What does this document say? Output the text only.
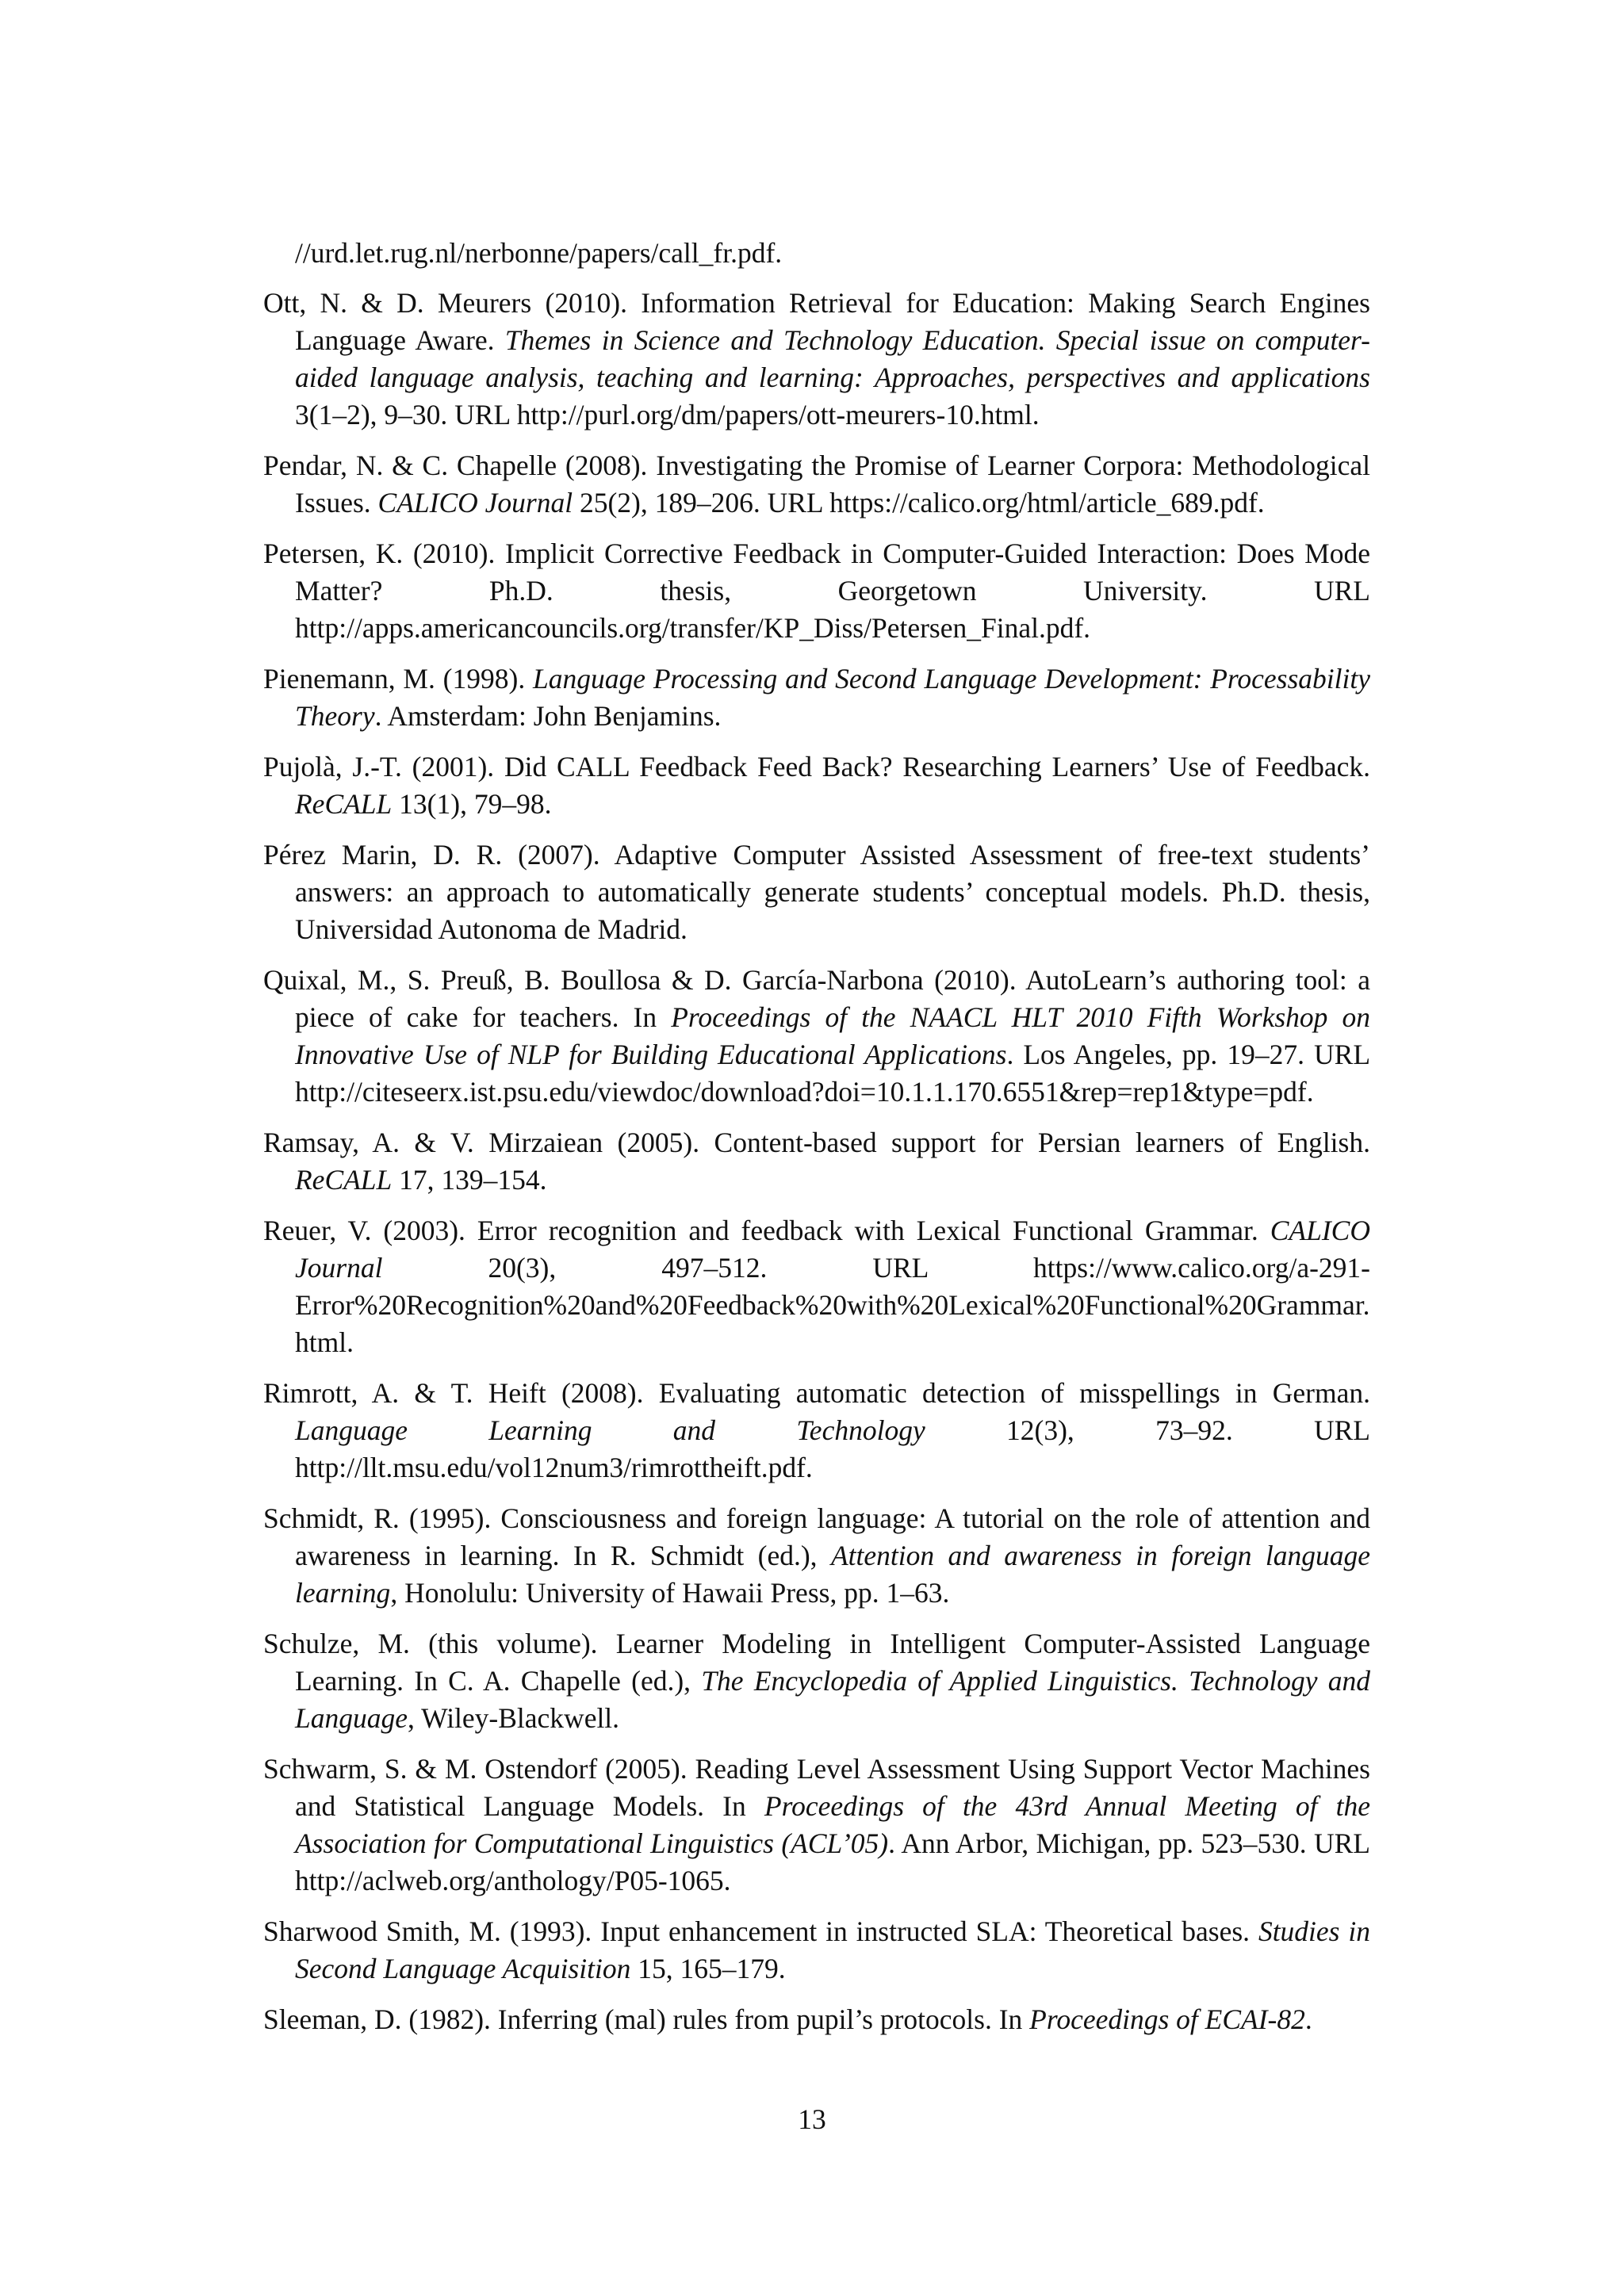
//urd.let.rug.nl/nerbonne/papers/call_fr.pdf.
Ott, N. & D. Meurers (2010). Information Retrieval for Education: Making Search Engines Language Aware. Themes in Science and Technology Education. Special issue on computer-aided language analysis, teaching and learning: Approaches, perspectives and applications 3(1–2), 9–30. URL http://purl.org/dm/papers/ott-meurers-10.html.
Pendar, N. & C. Chapelle (2008). Investigating the Promise of Learner Corpora: Methodological Issues. CALICO Journal 25(2), 189–206. URL https://calico.org/html/article_689.pdf.
Petersen, K. (2010). Implicit Corrective Feedback in Computer-Guided Interaction: Does Mode Matter? Ph.D. thesis, Georgetown University. URL http://apps.americancouncils.org/transfer/KP_Diss/Petersen_Final.pdf.
Pienemann, M. (1998). Language Processing and Second Language Development: Processability Theory. Amsterdam: John Benjamins.
Pujolà, J.-T. (2001). Did CALL Feedback Feed Back? Researching Learners’ Use of Feedback. ReCALL 13(1), 79–98.
Pérez Marin, D. R. (2007). Adaptive Computer Assisted Assessment of free-text students’ answers: an approach to automatically generate students’ conceptual models. Ph.D. thesis, Universidad Autonoma de Madrid.
Quixal, M., S. Preuß, B. Boullosa & D. García-Narbona (2010). AutoLearn’s authoring tool: a piece of cake for teachers. In Proceedings of the NAACL HLT 2010 Fifth Workshop on Innovative Use of NLP for Building Educational Applications. Los Angeles, pp. 19–27. URL http://citeseerx.ist.psu.edu/viewdoc/download?doi=10.1.1.170.6551&rep=rep1&type=pdf.
Ramsay, A. & V. Mirzaiean (2005). Content-based support for Persian learners of English. ReCALL 17, 139–154.
Reuer, V. (2003). Error recognition and feedback with Lexical Functional Grammar. CALICO Journal 20(3), 497–512. URL https://www.calico.org/a-291-Error%20Recognition%20and%20Feedback%20with%20Lexical%20Functional%20Grammar.html.
Rimrott, A. & T. Heift (2008). Evaluating automatic detection of misspellings in German. Language Learning and Technology 12(3), 73–92. URL http://llt.msu.edu/vol12num3/rimrottheift.pdf.
Schmidt, R. (1995). Consciousness and foreign language: A tutorial on the role of attention and awareness in learning. In R. Schmidt (ed.), Attention and awareness in foreign language learning, Honolulu: University of Hawaii Press, pp. 1–63.
Schulze, M. (this volume). Learner Modeling in Intelligent Computer-Assisted Language Learning. In C. A. Chapelle (ed.), The Encyclopedia of Applied Linguistics. Technology and Language, Wiley-Blackwell.
Schwarm, S. & M. Ostendorf (2005). Reading Level Assessment Using Support Vector Machines and Statistical Language Models. In Proceedings of the 43rd Annual Meeting of the Association for Computational Linguistics (ACL’05). Ann Arbor, Michigan, pp. 523–530. URL http://aclweb.org/anthology/P05-1065.
Sharwood Smith, M. (1993). Input enhancement in instructed SLA: Theoretical bases. Studies in Second Language Acquisition 15, 165–179.
Sleeman, D. (1982). Inferring (mal) rules from pupil’s protocols. In Proceedings of ECAI-82.
13
